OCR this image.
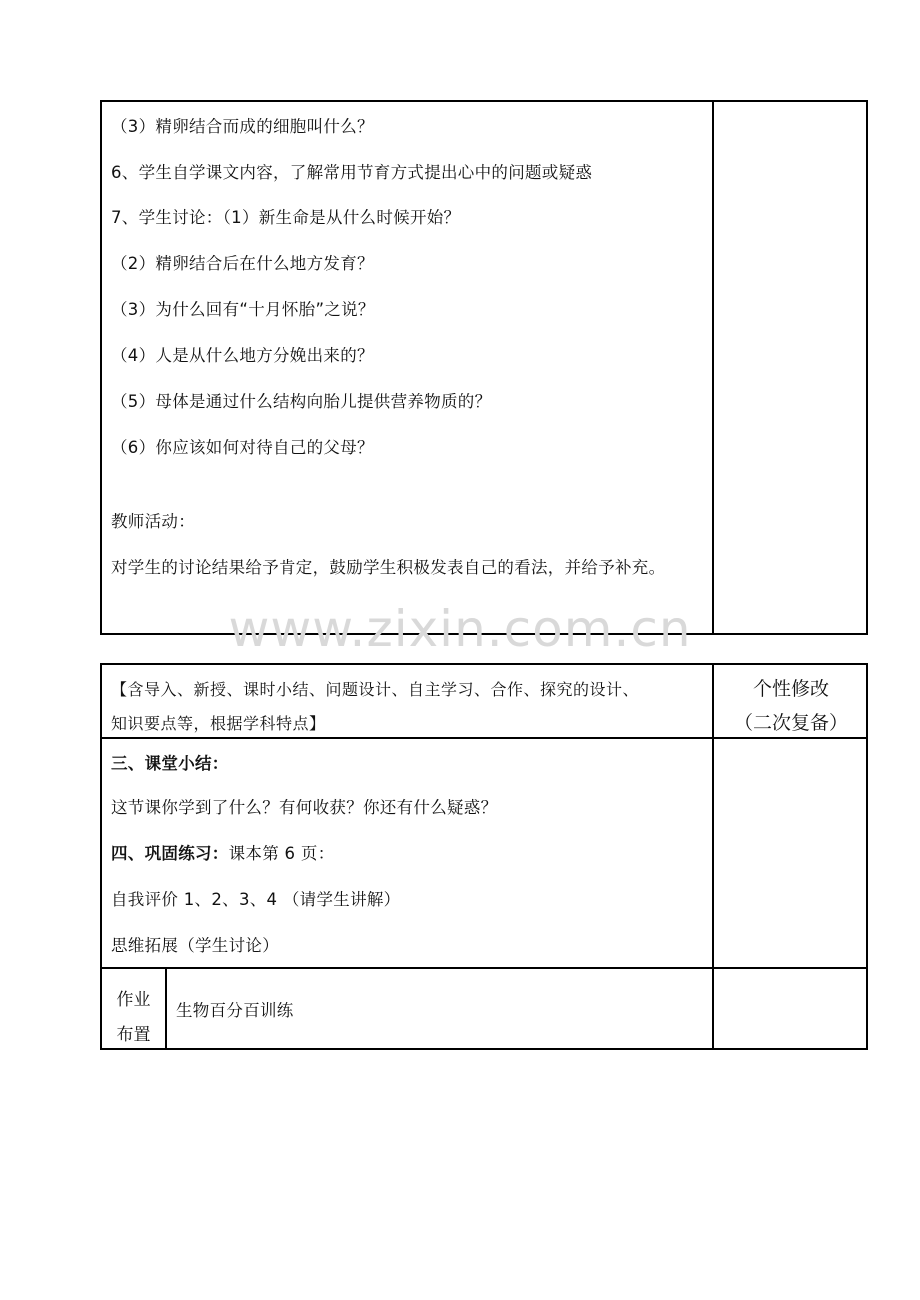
（3）精卵结合而成的细胞叫什么？
6、学生自学课文内容，了解常用节育方式提出心中的问题或疑惑
7、学生讨论：（1）新生命是从什么时候开始？
（2）精卵结合后在什么地方发育？
（3）为什么回有“十月怀胎”之说？
（4）人是从什么地方分娩出来的？
（5）母体是通过什么结构向胎儿提供营养物质的？
（6）你应该如何对待自己的父母？
教师活动：
对学生的讨论结果给予肯定，鼓励学生积极发表自己的看法，并给予补充。
www.zixin.com.cn
【含导入、新授、课时小结、问题设计、自主学习、合作、探究的设计、
知识要点等，根据学科特点】
个性修改
（二次复备）
三、课堂小结：
这节课你学到了什么？有何收获？你还有什么疑惑？
四、巩固练习：课本第 6 页：
自我评价 1、2、3、4 （请学生讲解）
思维拓展（学生讨论）
作业
布置
生物百分百训练
